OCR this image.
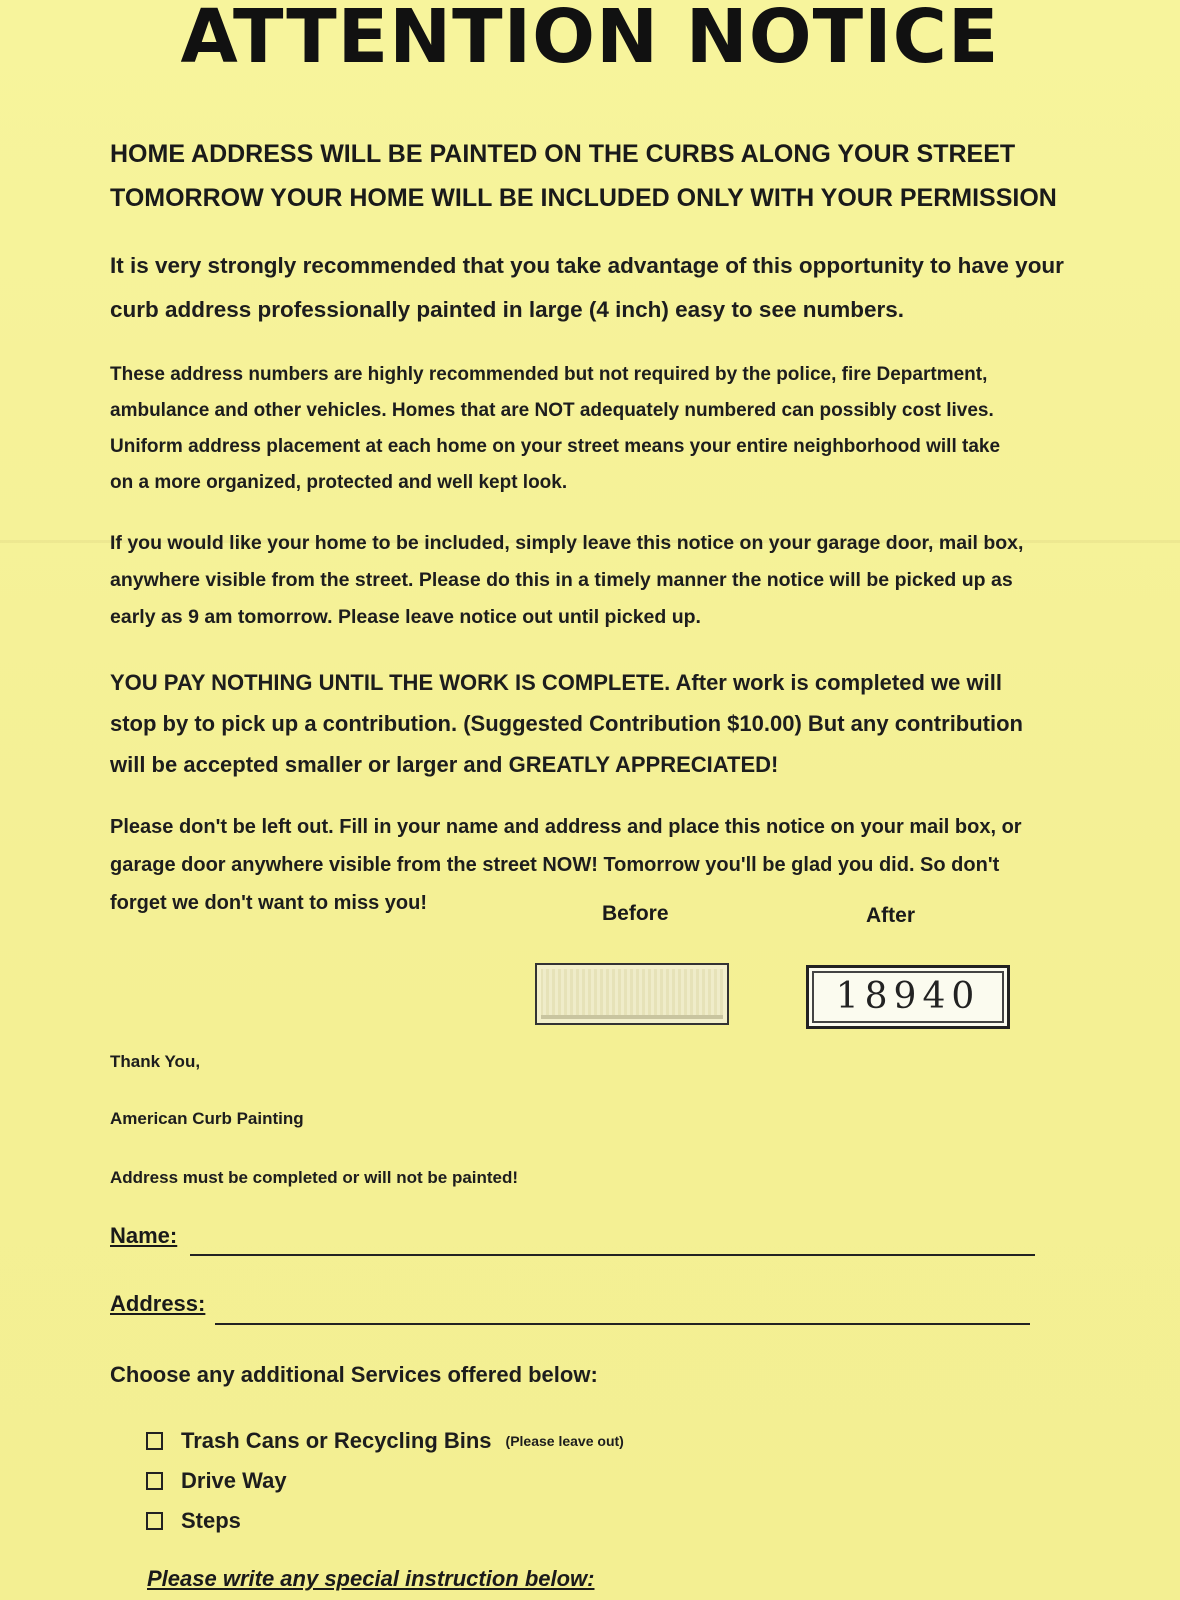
ATTENTION NOTICE
HOME ADDRESS WILL BE PAINTED ON THE CURBS ALONG YOUR STREET
TOMORROW YOUR HOME WILL BE INCLUDED ONLY WITH YOUR PERMISSION
It is very strongly recommended that you take advantage of this opportunity to have your
curb address professionally painted in large (4 inch) easy to see numbers.
These address numbers are highly recommended but not required by the police, fire Department,
ambulance and other vehicles. Homes that are NOT adequately numbered can possibly cost lives.
Uniform address placement at each home on your street means your entire neighborhood will take
on a more organized, protected and well kept look.
If you would like your home to be included, simply leave this notice on your garage door, mail box,
anywhere visible from the street. Please do this in a timely manner the notice will be picked up as
early as 9 am tomorrow. Please leave notice out until picked up.
YOU PAY NOTHING UNTIL THE WORK IS COMPLETE. After work is completed we will
stop by to pick up a contribution. (Suggested Contribution $10.00) But any contribution
will be accepted smaller or larger and GREATLY APPRECIATED!
Please don't be left out. Fill in your name and address and place this notice on your mail box, or
garage door anywhere visible from the street NOW! Tomorrow you'll be glad you did. So don't
forget we don't want to miss you!	Before	After
18940
Thank You,
American Curb Painting
Address must be completed or will not be painted!
Name:
Address:
Choose any additional Services offered below:
Trash Cans or Recycling Bins (Please leave out)
Drive Way
Steps
Please write any special instruction below:
